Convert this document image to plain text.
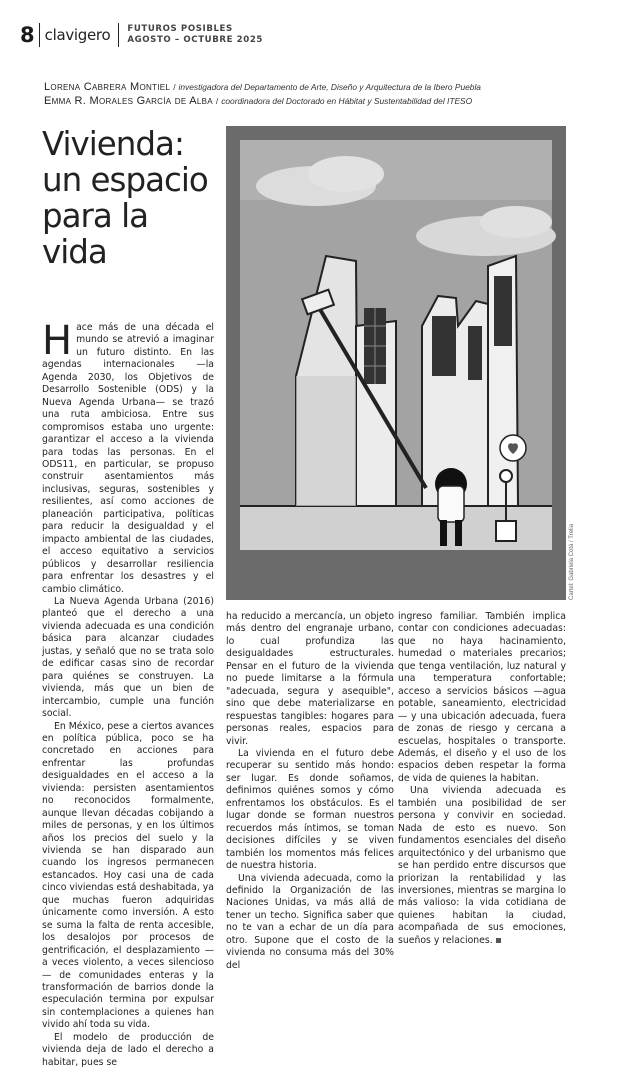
8 clavigero FUTUROS POSIBLES
AGOSTO – OCTUBRE 2025
Lorena Cabrera Montiel / investigadora del Departamento de Arte, Diseño y Arquitectura de la Ibero Puebla
Emma R. Morales García de Alba / coordinadora del Doctorado en Hábitat y Sustentabilidad del ITESO
Vivienda: un espacio para la vida
Cartel: Gabriela Cotá / Trelia

Hace más de una década el mundo se atrevió a imaginar un futuro distinto. En las agendas internacionales —la Agenda 2030, los Objetivos de Desarrollo Sostenible (ODS) y la Nueva Agenda Urbana— se trazó una ruta ambiciosa. Entre sus compromisos estaba uno urgente: garantizar el acceso a la vivienda para todas las personas. En el ODS11, en particular, se propuso construir asentamientos más inclusivas, seguras, sostenibles y resilientes, así como acciones de planeación participativa, políticas para reducir la desigualdad y el impacto ambiental de las ciudades, el acceso equitativo a servicios públicos y desarrollar resiliencia para enfrentar los desastres y el cambio climático.

La Nueva Agenda Urbana (2016) planteó que el derecho a una vivienda adecuada es una condición básica para alcanzar ciudades justas, y señaló que no se trata solo de edificar casas sino de recordar para quiénes se construyen. La vivienda, más que un bien de intercambio, cumple una función social.

En México, pese a ciertos avances en política pública, poco se ha concretado en acciones para enfrentar las profundas desigualdades en el acceso a la vivienda: persisten asentamientos no reconocidos formalmente, aunque llevan décadas cobijando a miles de personas, y en los últimos años los precios del suelo y la vivienda se han disparado aun cuando los ingresos permanecen estancados. Hoy casi una de cada cinco viviendas está deshabitada, ya que muchas fueron adquiridas únicamente como inversión. A esto se suma la falta de renta accesible, los desalojos por procesos de gentrificación, el desplazamiento —a veces violento, a veces silencioso— de comunidades enteras y la transformación de barrios donde la especulación termina por expulsar sin contemplaciones a quienes han vivido ahí toda su vida.

El modelo de producción de vivienda deja de lado el derecho a habitar, pues se

ha reducido a mercancía, un objeto más dentro del engranaje urbano, lo cual profundiza las desigualdades estructurales. Pensar en el futuro de la vivienda no puede limitarse a la fórmula "adecuada, segura y asequible", sino que debe materializarse en respuestas tangibles: hogares para personas reales, espacios para vivir.

La vivienda en el futuro debe recuperar su sentido más hondo: ser lugar. Es donde soñamos, definimos quiénes somos y cómo enfrentamos los obstáculos. Es el lugar donde se forman nuestros recuerdos más íntimos, se toman decisiones difíciles y se viven también los momentos más felices de nuestra historia.

Una vivienda adecuada, como la definido la Organización de las Naciones Unidas, va más allá de tener un techo. Significa saber que no te van a echar de un día para otro. Supone que el costo de la vivienda no consuma más del 30% del

ingreso familiar. También implica contar con condiciones adecuadas: que no haya hacinamiento, humedad o materiales precarios; que tenga ventilación, luz natural y una temperatura confortable; acceso a servicios básicos —agua potable, saneamiento, electricidad— y una ubicación adecuada, fuera de zonas de riesgo y cercana a escuelas, hospitales o transporte. Además, el diseño y el uso de los espacios deben respetar la forma de vida de quienes la habitan.

Una vivienda adecuada es también una posibilidad de ser persona y convivir en sociedad. Nada de esto es nuevo. Son fundamentos esenciales del diseño arquitectónico y del urbanismo que se han perdido entre discursos que priorizan la rentabilidad y las inversiones, mientras se margina lo más valioso: la vida cotidiana de quienes habitan la ciudad, acompañada de sus emociones, sueños y relaciones.
